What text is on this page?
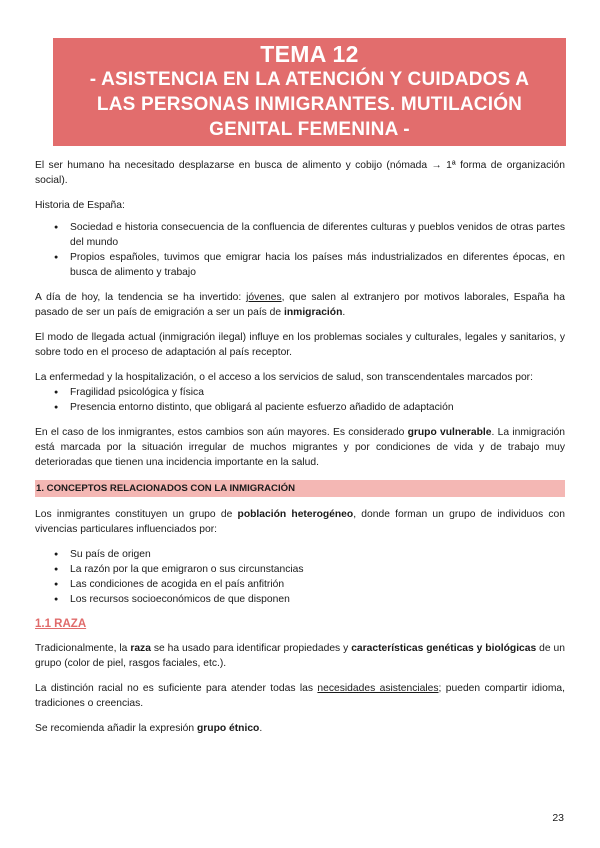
TEMA 12
- ASISTENCIA EN LA ATENCIÓN Y CUIDADOS A LAS PERSONAS INMIGRANTES. MUTILACIÓN GENITAL FEMENINA -

El ser humano ha necesitado desplazarse en busca de alimento y cobijo (nómada → 1ª forma de organización social).

Historia de España:

● Sociedad e historia consecuencia de la confluencia de diferentes culturas y pueblos venidos de otras partes del mundo
● Propios españoles, tuvimos que emigrar hacia los países más industrializados en diferentes épocas, en busca de alimento y trabajo

A día de hoy, la tendencia se ha invertido: jóvenes, que salen al extranjero por motivos laborales, España ha pasado de ser un país de emigración a ser un país de inmigración.

El modo de llegada actual (inmigración ilegal) influye en los problemas sociales y culturales, legales y sanitarios, y sobre todo en el proceso de adaptación al país receptor.

La enfermedad y la hospitalización, o el acceso a los servicios de salud, son transcendentales marcados por:

● Fragilidad psicológica y física
● Presencia entorno distinto, que obligará al paciente esfuerzo añadido de adaptación

En el caso de los inmigrantes, estos cambios son aún mayores. Es considerado grupo vulnerable. La inmigración está marcada por la situación irregular de muchos migrantes y por condiciones de vida y de trabajo muy deterioradas que tienen una incidencia importante en la salud.

1. CONCEPTOS RELACIONADOS CON LA INMIGRACIÓN

Los inmigrantes constituyen un grupo de población heterogéneo, donde forman un grupo de individuos con vivencias particulares influenciados por:

● Su país de origen
● La razón por la que emigraron o sus circunstancias
● Las condiciones de acogida en el país anfitrión
● Los recursos socioeconómicos de que disponen
1.1 RAZA

Tradicionalmente, la raza se ha usado para identificar propiedades y características genéticas y biológicas de un grupo (color de piel, rasgos faciales, etc.).

La distinción racial no es suficiente para atender todas las necesidades asistenciales; pueden compartir idioma, tradiciones o creencias.

Se recomienda añadir la expresión grupo étnico.

23
